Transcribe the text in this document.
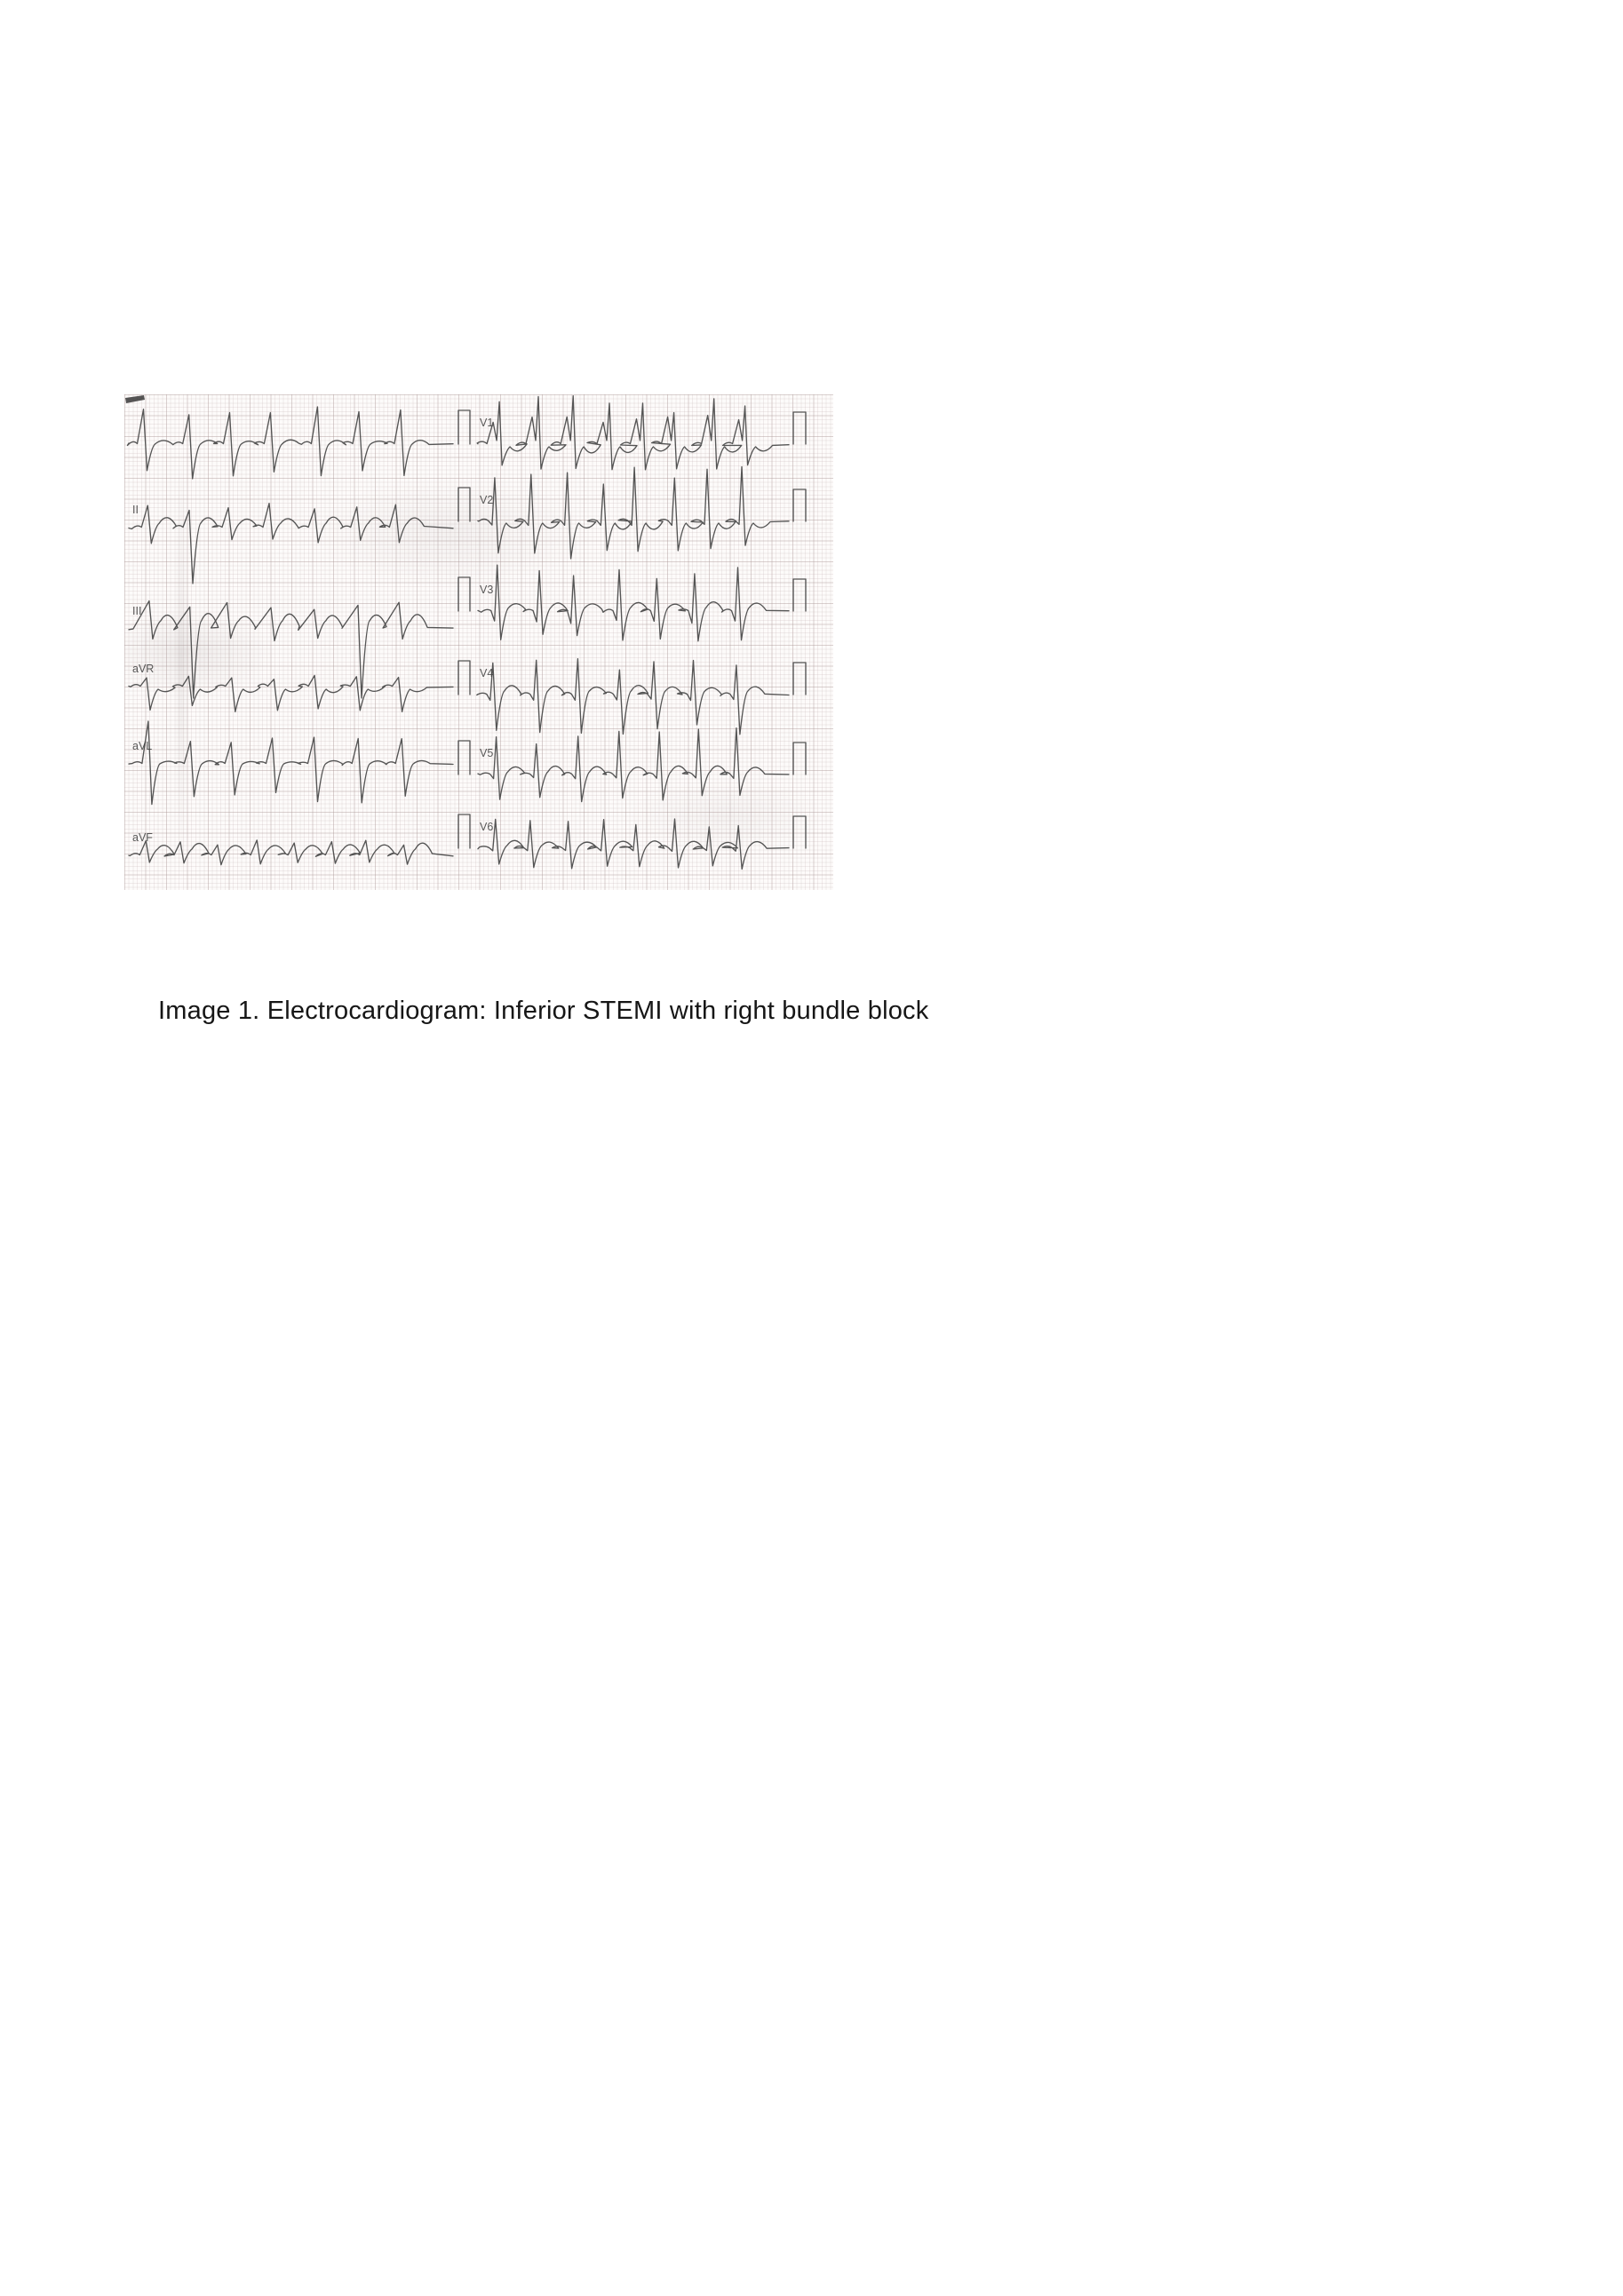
V1
II
V2
III
V3
aVR	V4
aVL
V5
aVF
V6

Image 1. Electrocardiogram: Inferior STEMI with right bundle block
